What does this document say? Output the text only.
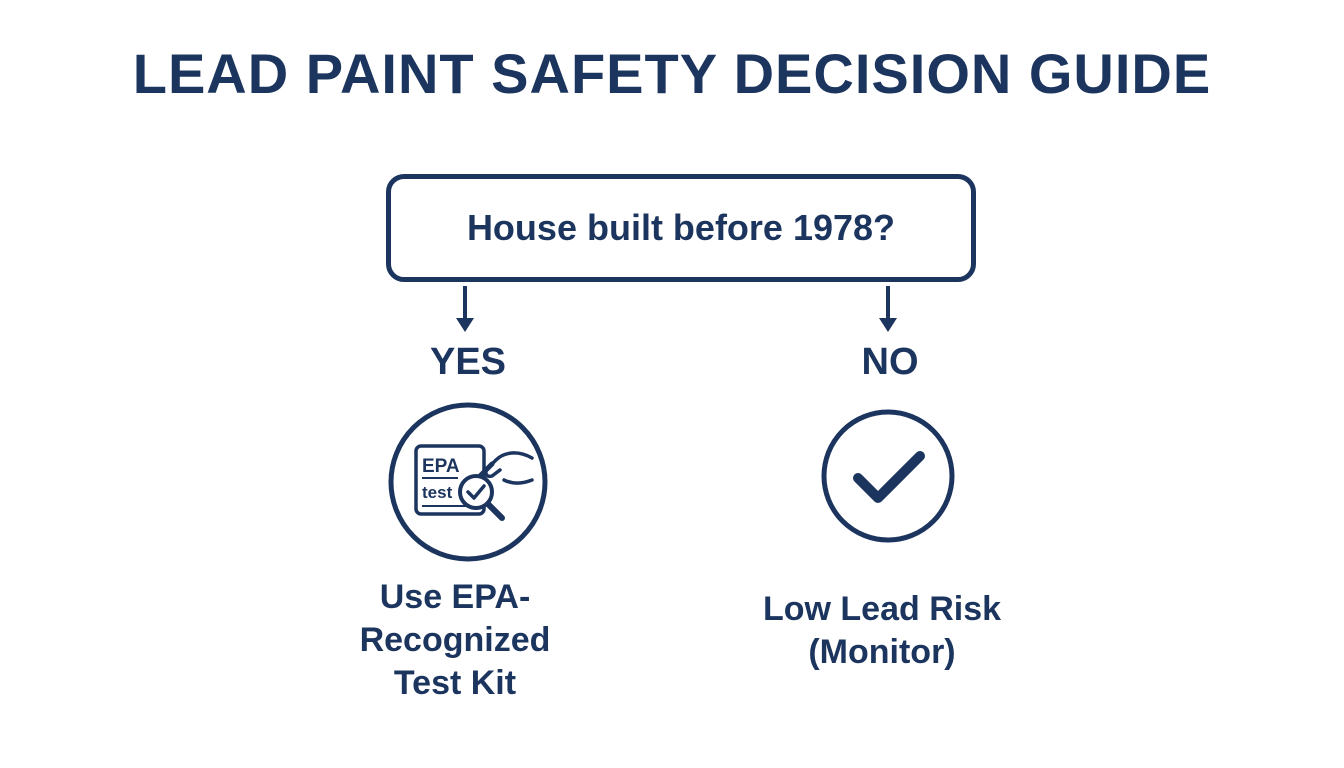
LEAD PAINT SAFETY DECISION GUIDE
House built before 1978?
YES	NO
EPA
test
Use EPA-
Recognized
Test Kit
Low Lead Risk
(Monitor)
